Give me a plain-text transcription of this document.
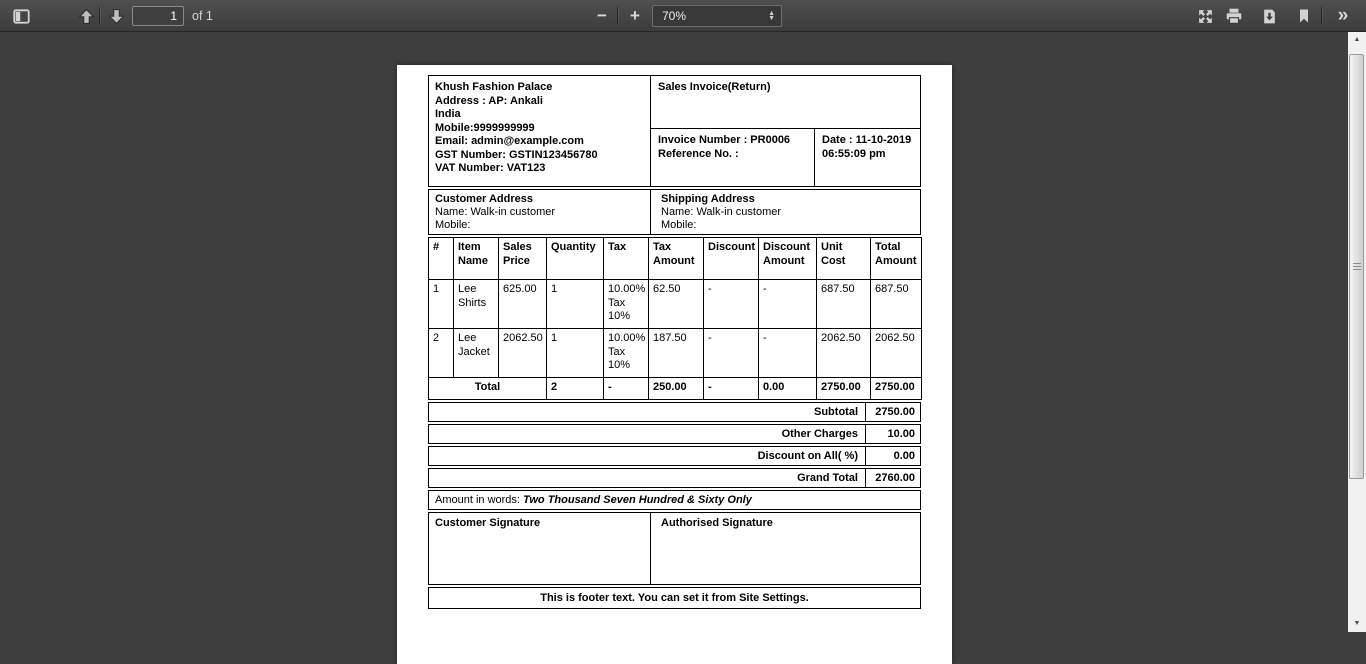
1
of 1	− + 70%	▲
▼	»
Khush Fashion Palace
Address : AP: Ankali
India
Mobile:9999999999
Email: admin@example.com
GST Number: GSTIN123456780
VAT Number: VAT123
Sales Invoice(Return)
Invoice Number : PR0006
Reference No. :
Date : 11-10-2019
06:55:09 pm
Customer Address
Name: Walk-in customer
Mobile:
Shipping Address
Name: Walk-in customer
Mobile:
#	Item Name	Sales Price	Quantity	Tax	Tax Amount	Discount	Discount Amount	Unit Cost	Total Amount
1	Lee Shirts	625.00	1	10.00% Tax 10%	62.50	-	-	687.50	687.50
2	Lee Jacket	2062.50	1	10.00% Tax 10%	187.50	-	-	2062.50	2062.50
Total			2	-	250.00	-	0.00	2750.00	2750.00
Subtotal	2750.00
Other Charges	10.00
Discount on All( %)	0.00
Grand Total	2760.00
Amount in words: Two Thousand Seven Hundred & Sixty Only
Customer Signature	Authorised Signature
This is footer text. You can set it from Site Settings.
▲
▼
